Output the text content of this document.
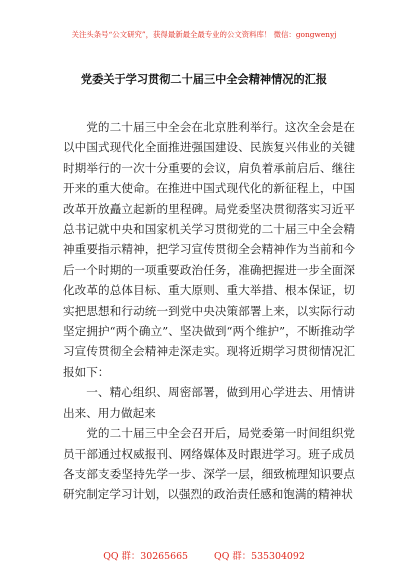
关注头条号“公文研究”，获得最新最全最专业的公文资料库！ 微信：gongwenyj
党委关于学习贯彻二十届三中全会精神情况的汇报

党的二十届三中全会在北京胜利举行。这次全会是在以中国式现代化全面推进强国建设、民族复兴伟业的关键时期举行的一次十分重要的会议，肩负着承前启后、继往开来的重大使命。在推进中国式现代化的新征程上，中国改革开放矗立起新的里程碑。局党委坚决贯彻落实习近平总书记就中央和国家机关学习贯彻党的二十届三中全会精神重要指示精神，把学习宣传贯彻全会精神作为当前和今后一个时期的一项重要政治任务，准确把握进一步全面深化改革的总体目标、重大原则、重大举措、根本保证，切实把思想和行动统一到党中央决策部署上来，以实际行动坚定拥护“两个确立”、坚决做到“两个维护”，不断推动学习宣传贯彻全会精神走深走实。现将近期学习贯彻情况汇报如下：

一、精心组织、周密部署，做到用心学进去、用情讲出来、用力做起来

党的二十届三中全会召开后，局党委第一时间组织党员干部通过权威报刊、网络媒体及时跟进学习。班子成员各支部支委坚持先学一步、深学一层，细致梳理知识要点研究制定学习计划，以强烈的政治责任感和饱满的精神状

QQ 群：30265665	QQ 群：535304092
